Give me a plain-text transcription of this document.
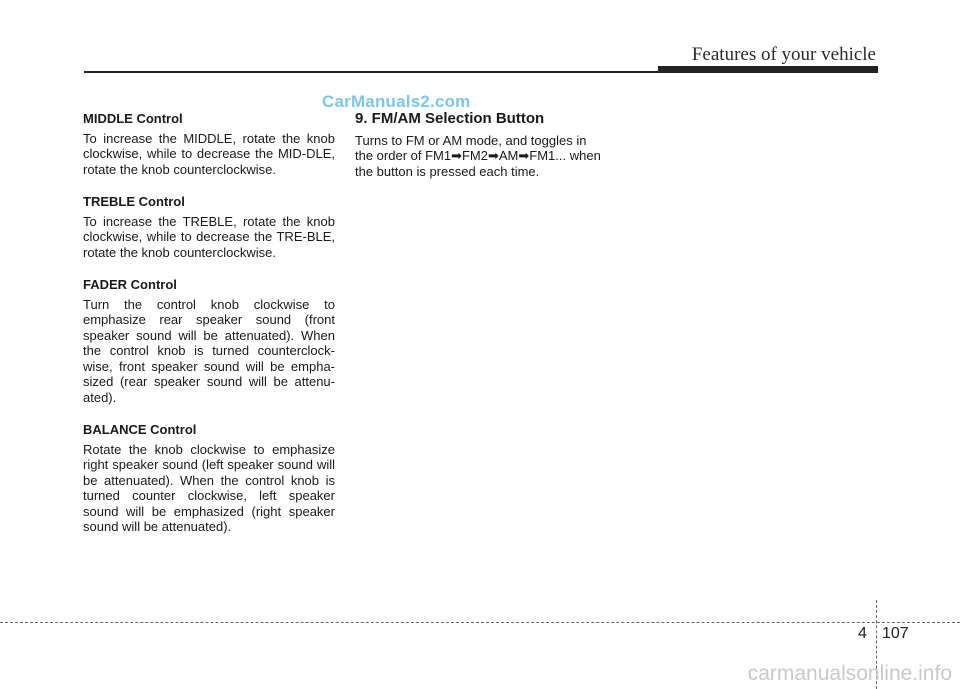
Features of your vehicle
CarManuals2.com
MIDDLE Control

To increase the MIDDLE, rotate the knob clockwise, while to decrease the MID-DLE, rotate the knob counterclockwise.

TREBLE Control

To increase the TREBLE, rotate the knob clockwise, while to decrease the TRE-BLE, rotate the knob counterclockwise.

FADER Control

Turn the control knob clockwise to emphasize rear speaker sound (front speaker sound will be attenuated). When the control knob is turned counterclock-wise, front speaker sound will be empha-sized (rear speaker sound will be attenu-ated).

BALANCE Control

Rotate the knob clockwise to emphasize right speaker sound (left speaker sound will be attenuated). When the control knob is turned counter clockwise, left speaker sound will be emphasized (right speaker sound will be attenuated).

9. FM/AM Selection Button

Turns to FM or AM mode, and toggles in the order of FM1➡FM2➡AM➡FM1... when the button is pressed each time.

4 107
carmanualsonline.info
